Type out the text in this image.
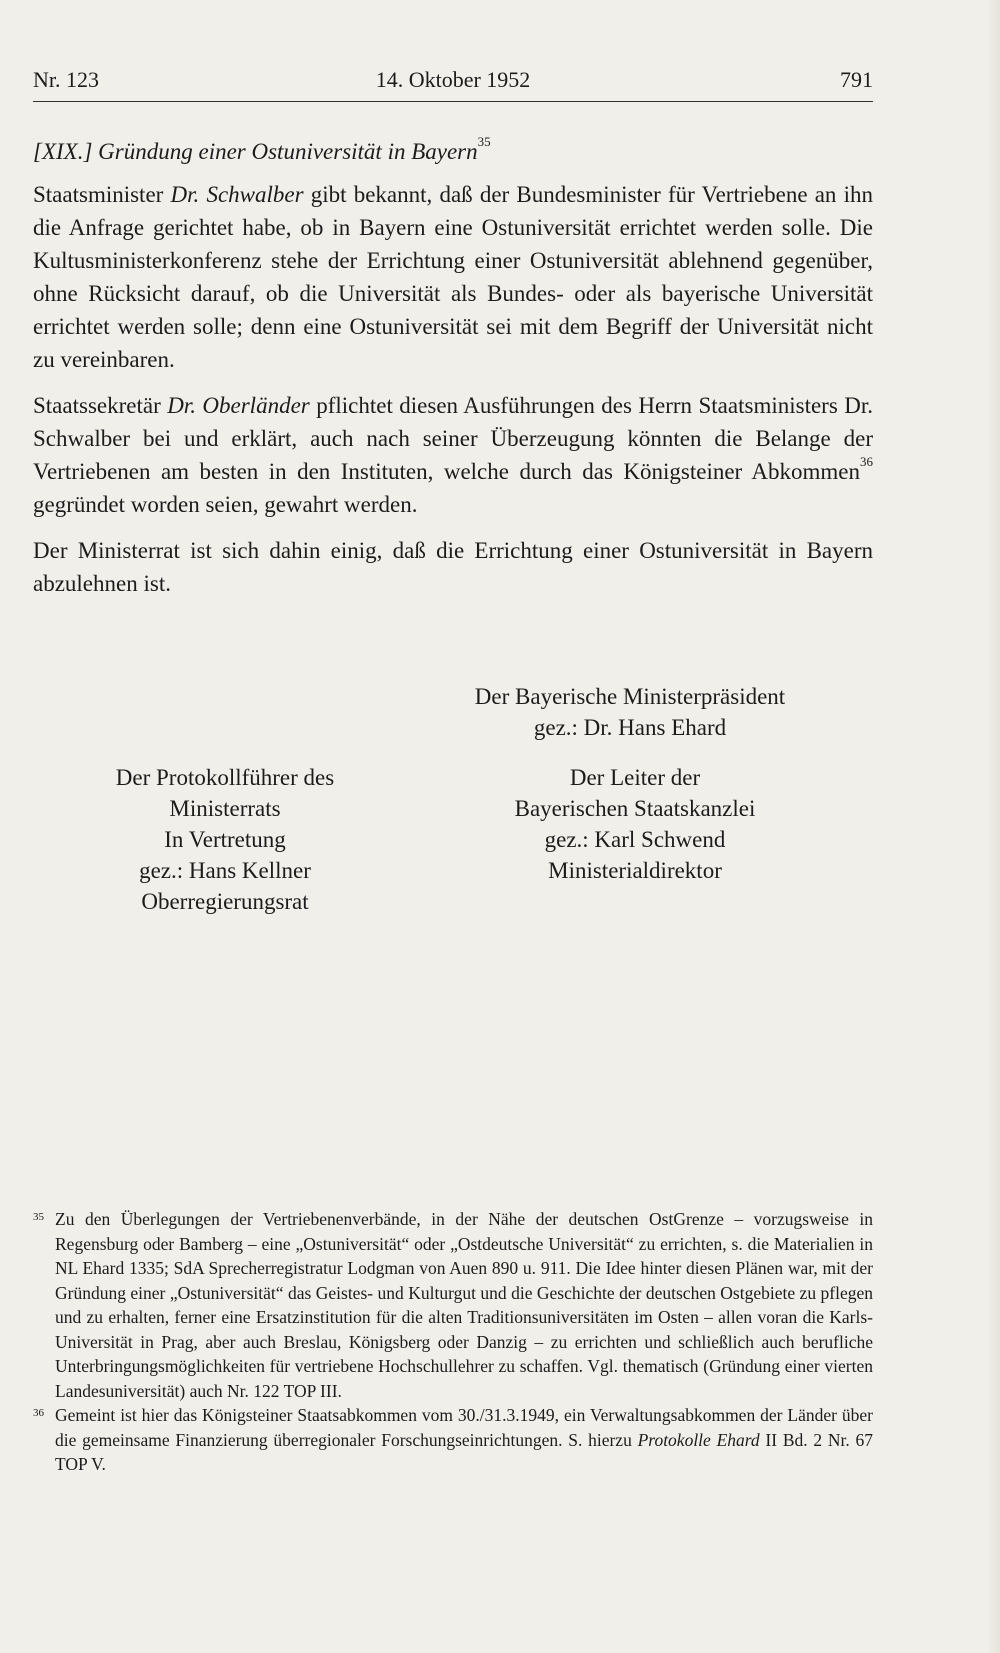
Nr. 123	14. Oktober 1952	791

[XIX.] Gründung einer Ostuniversität in Bayern$^{35}$

Staatsminister Dr. Schwalber gibt bekannt, daß der Bundesminister für Vertriebene an ihn die Anfrage gerichtet habe, ob in Bayern eine Ostuniversität errichtet werden solle. Die Kultusministerkonferenz stehe der Errichtung einer Ostuniversität ablehnend gegenüber, ohne Rücksicht darauf, ob die Universität als Bundes- oder als bayerische Universität errichtet werden solle; denn eine Ostuniversität sei mit dem Begriff der Universität nicht zu vereinbaren.

Staatssekretär Dr. Oberländer pflichtet diesen Ausführungen des Herrn Staatsministers Dr. Schwalber bei und erklärt, auch nach seiner Überzeugung könnten die Belange der Vertriebenen am besten in den Instituten, welche durch das Königsteiner Abkommen$^{36}$ gegründet worden seien, gewahrt werden.

Der Ministerrat ist sich dahin einig, daß die Errichtung einer Ostuniversität in Bayern abzulehnen ist.

Der Bayerische Ministerpräsident
gez.: Dr. Hans Ehard
Der Protokollführer des
Ministerrats
In Vertretung
gez.: Hans Kellner
Oberregierungsrat
Der Leiter der
Bayerischen Staatskanzlei
gez.: Karl Schwend
Ministerialdirektor

35 Zu den Überlegungen der Vertriebenenverbände, in der Nähe der deutschen OstGrenze – vorzugsweise in Regensburg oder Bamberg – eine „Ostuniversität“ oder „Ostdeutsche Universität“ zu errichten, s. die Materialien in NL Ehard 1335; SdA Sprecherregistratur Lodgman von Auen 890 u. 911. Die Idee hinter diesen Plänen war, mit der Gründung einer „Ostuniversität“ das Geistes- und Kulturgut und die Geschichte der deutschen Ostgebiete zu pflegen und zu erhalten, ferner eine Ersatzinstitution für die alten Traditionsuniversitäten im Osten – allen voran die Karls-Universität in Prag, aber auch Breslau, Königsberg oder Danzig – zu errichten und schließlich auch berufliche Unterbringungsmöglichkeiten für vertriebene Hochschullehrer zu schaffen. Vgl. thematisch (Gründung einer vierten Landesuniversität) auch Nr. 122 TOP III.

36 Gemeint ist hier das Königsteiner Staatsabkommen vom 30./31.3.1949, ein Verwaltungsabkommen der Länder über die gemeinsame Finanzierung überregionaler Forschungseinrichtungen. S. hierzu Protokolle Ehard II Bd. 2 Nr. 67 TOP V.
